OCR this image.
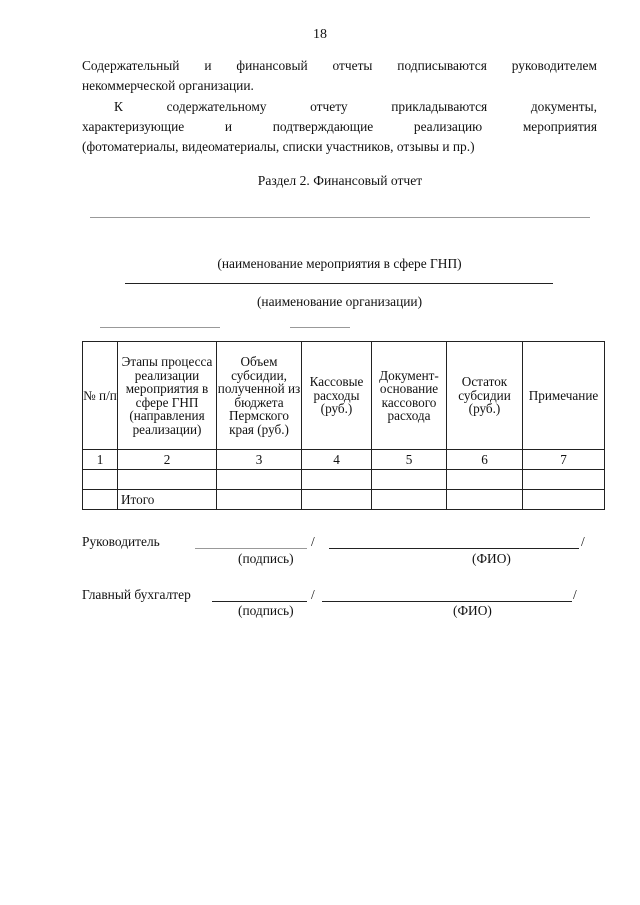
18
Содержательный и финансовый отчеты подписываются руководителем
некоммерческой организации.
К	содержательному	отчету	прикладываются	документы,
характеризующие	и	подтверждающие	реализацию	мероприятия
(фотоматериалы, видеоматериалы, списки участников, отзывы и пр.)
Раздел 2. Финансовый отчет
(наименование мероприятия в сфере ГНП)
(наименование организации)
№ п/п	Этапы процесса реализации мероприятия в сфере ГНП (направления реализации)	Объем субсидии, полученной из бюджета Пермского края (руб.)	Кассовые расходы (руб.)	Документ-основание кассового расхода	Остаток субсидии (руб.)	Примечание
1	2	3	4	5	6	7

	Итого					
Руководитель	/	/
(подпись)	(ФИО)
Главный бухгалтер	/	/
(подпись)	(ФИО)
